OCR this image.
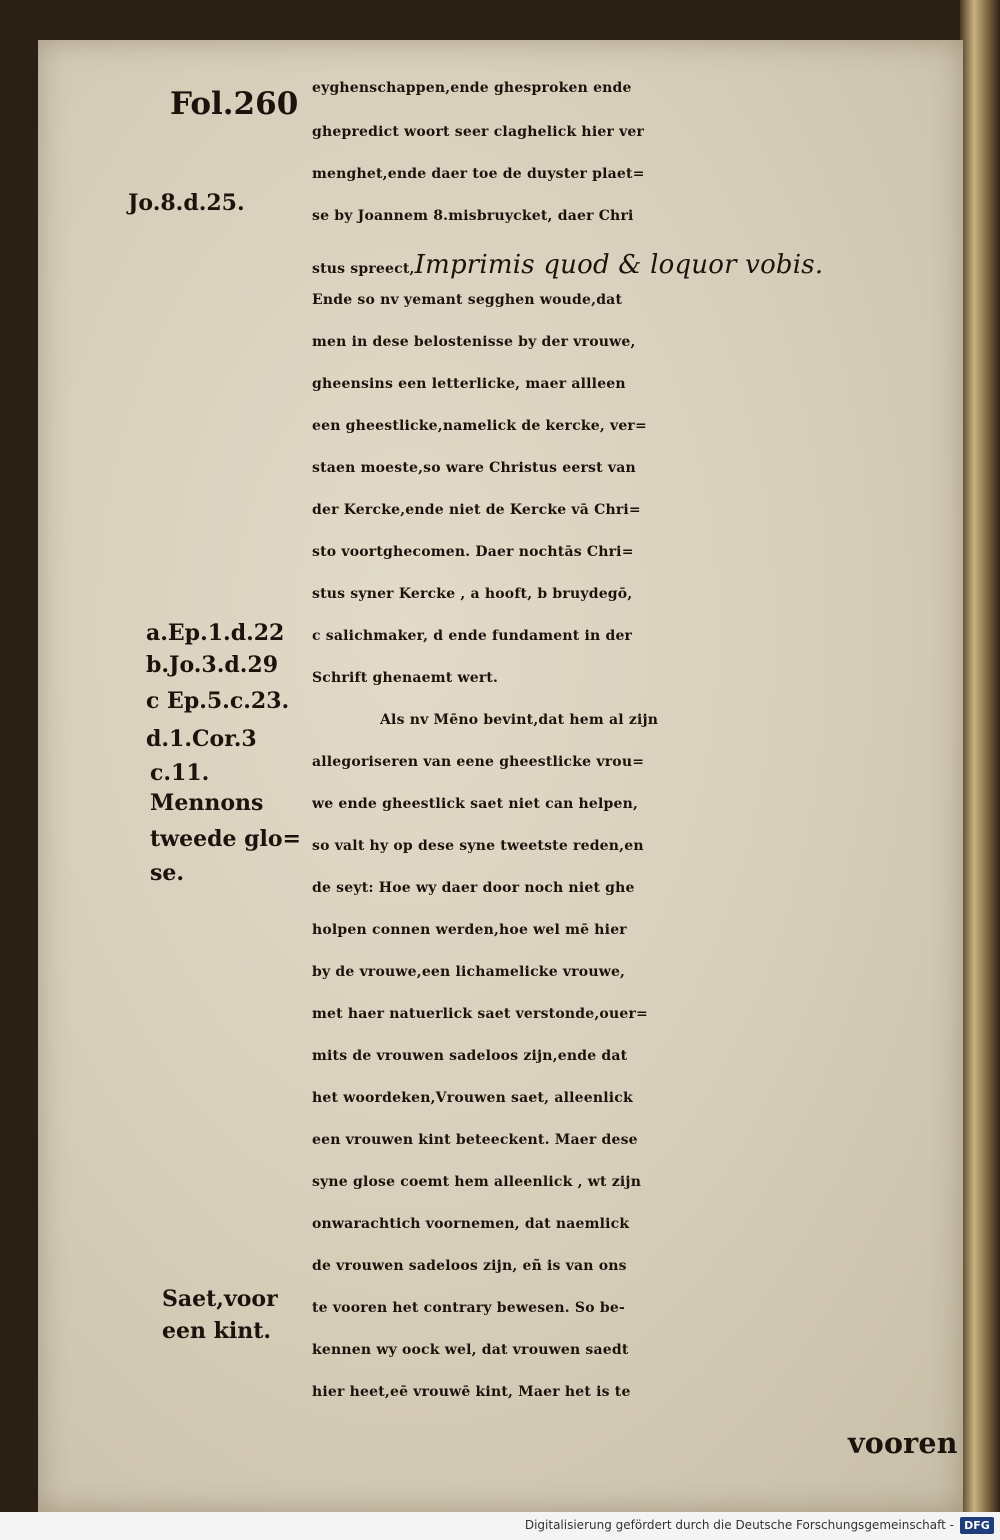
Fol.260
Jo.8.d.25.
a.Ep.1.d.22
b.Jo.3.d.29
c Ep.5.c.23.
d.1.Cor.3
c.11.
Mennons
tweede glo=
se.
Saet,voor
een kint.
eyghenschappen,ende ghesproken ende
ghepredict woort seer claghelick hier ver
menghet,ende daer toe de duyster plaet=
se by Joannem 8.misbruycket, daer Chri
stus spreect,Imprimis quod & loquor vobis.
Ende so nv yemant segghen woude,dat
men in dese belostenisse by der vrouwe,
gheensins een letterlicke, maer allleen
een gheestlicke,namelick de kercke, ver=
staen moeste,so ware Christus eerst van
der Kercke,ende niet de Kercke vā Chri=
sto voortghecomen. Daer nochtās Chri=
stus syner Kercke , a hooft, b bruydegō,
c salichmaker, d ende fundament in der
Schrift ghenaemt wert.
Als nv Mēno bevint,dat hem al zijn
allegoriseren van eene gheestlicke vrou=
we ende gheestlick saet niet can helpen,
so valt hy op dese syne tweetste reden,en
de seyt: Hoe wy daer door noch niet ghe
holpen connen werden,hoe wel mē hier
by de vrouwe,een lichamelicke vrouwe,
met haer natuerlick saet verstonde,ouer=
mits de vrouwen sadeloos zijn,ende dat
het woordeken,Vrouwen saet, alleenlick
een vrouwen kint beteeckent. Maer dese
syne glose coemt hem alleenlick , wt zijn
onwarachtich voornemen, dat naemlick
de vrouwen sadeloos zijn, eñ is van ons
te vooren het contrary bewesen. So be-
kennen wy oock wel, dat vrouwen saedt
hier heet,eē vrouwē kint, Maer het is te
vooren
Digitalisierung gefördert durch die Deutsche Forschungsgemeinschaft - DFG
